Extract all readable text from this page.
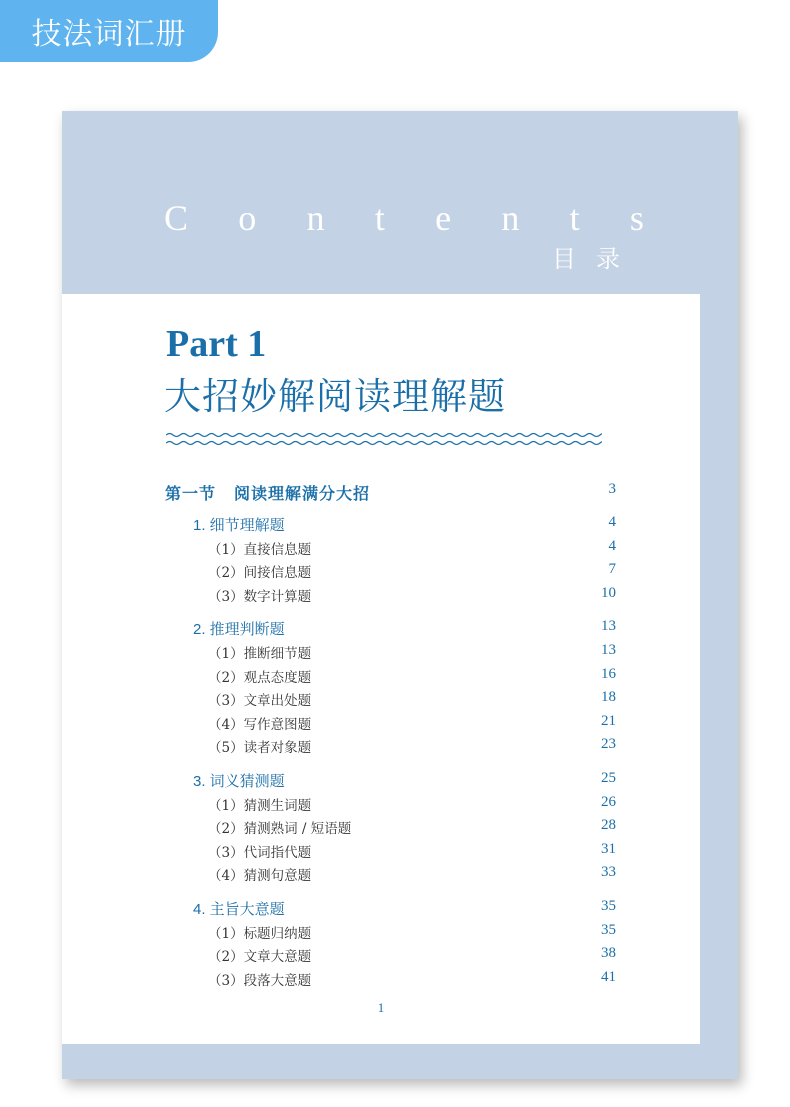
技法词汇册
C o n t e n t s
目录
Part 1
大招妙解阅读理解题
第一节 阅读理解满分大招	3
1. 细节理解题	4
（1）直接信息题	4
（2）间接信息题	7
（3）数字计算题	10
2. 推理判断题	13
（1）推断细节题	13
（2）观点态度题	16
（3）文章出处题	18
（4）写作意图题	21
（5）读者对象题	23
3. 词义猜测题	25
（1）猜测生词题	26
（2）猜测熟词 / 短语题	28
（3）代词指代题	31
（4）猜测句意题	33
4. 主旨大意题	35
（1）标题归纳题	35
（2）文章大意题	38
（3）段落大意题	41
1
